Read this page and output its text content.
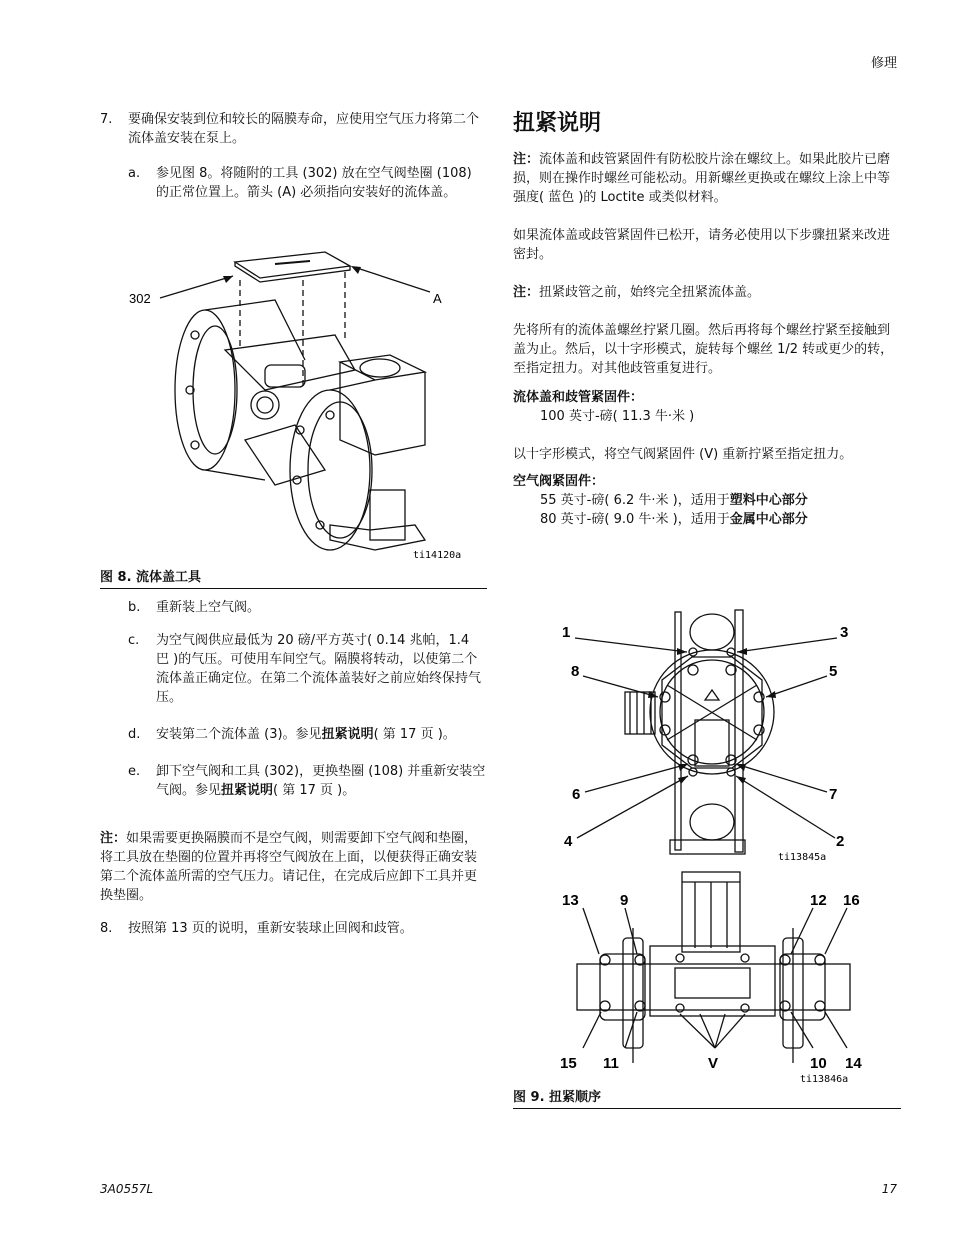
修理
7.	要确保安装到位和较长的隔膜寿命，应使用空气压力将第二个流体盖安装在泵上。
a.	参见图 8。将随附的工具 (302) 放在空气阀垫圈 (108) 的正常位置上。箭头 (A) 必须指向安装好的流体盖。
302	A
ti14120a
图 8. 流体盖工具
b.	重新装上空气阀。
c.	为空气阀供应最低为 20 磅/平方英寸( 0.14 兆帕，1.4 巴 )的气压。可使用车间空气。隔膜将转动，以使第二个流体盖正确定位。在第二个流体盖装好之前应始终保持气压。
d.	安装第二个流体盖 (3)。参见扭紧说明( 第 17 页 )。
e.	卸下空气阀和工具 (302)，更换垫圈 (108) 并重新安装空气阀。参见扭紧说明( 第 17 页 )。
注：如果需要更换隔膜而不是空气阀，则需要卸下空气阀和垫圈，将工具放在垫圈的位置并再将空气阀放在上面，以便获得正确安装第二个流体盖所需的空气压力。请记住，在完成后应卸下工具并更换垫圈。
8.	按照第 13 页的说明，重新安装球止回阀和歧管。
扭紧说明
注：流体盖和歧管紧固件有防松胶片涂在螺纹上。如果此胶片已磨损，则在操作时螺丝可能松动。用新螺丝更换或在螺纹上涂上中等强度( 蓝色 )的 Loctite 或类似材料。
如果流体盖或歧管紧固件已松开，请务必使用以下步骤扭紧来改进密封。
注：扭紧歧管之前，始终完全扭紧流体盖。
先将所有的流体盖螺丝拧紧几圈。然后再将每个螺丝拧紧至接触到盖为止。然后，以十字形模式，旋转每个螺丝 1/2 转或更少的转，至指定扭力。对其他歧管重复进行。
流体盖和歧管紧固件：
100 英寸-磅( 11.3 牛·米 )
以十字形模式，将空气阀紧固件 (V) 重新拧紧至指定扭力。
空气阀紧固件：
55 英寸-磅( 6.2 牛·米 )，适用于塑料中心部分
80 英寸-磅( 9.0 牛·米 )，适用于金属中心部分
1	3
8	5
6	7
4	2
ti13845a
13	9	12 16
15 11	V	10 14
ti13846a
图 9. 扭紧顺序
3A0557L	17
